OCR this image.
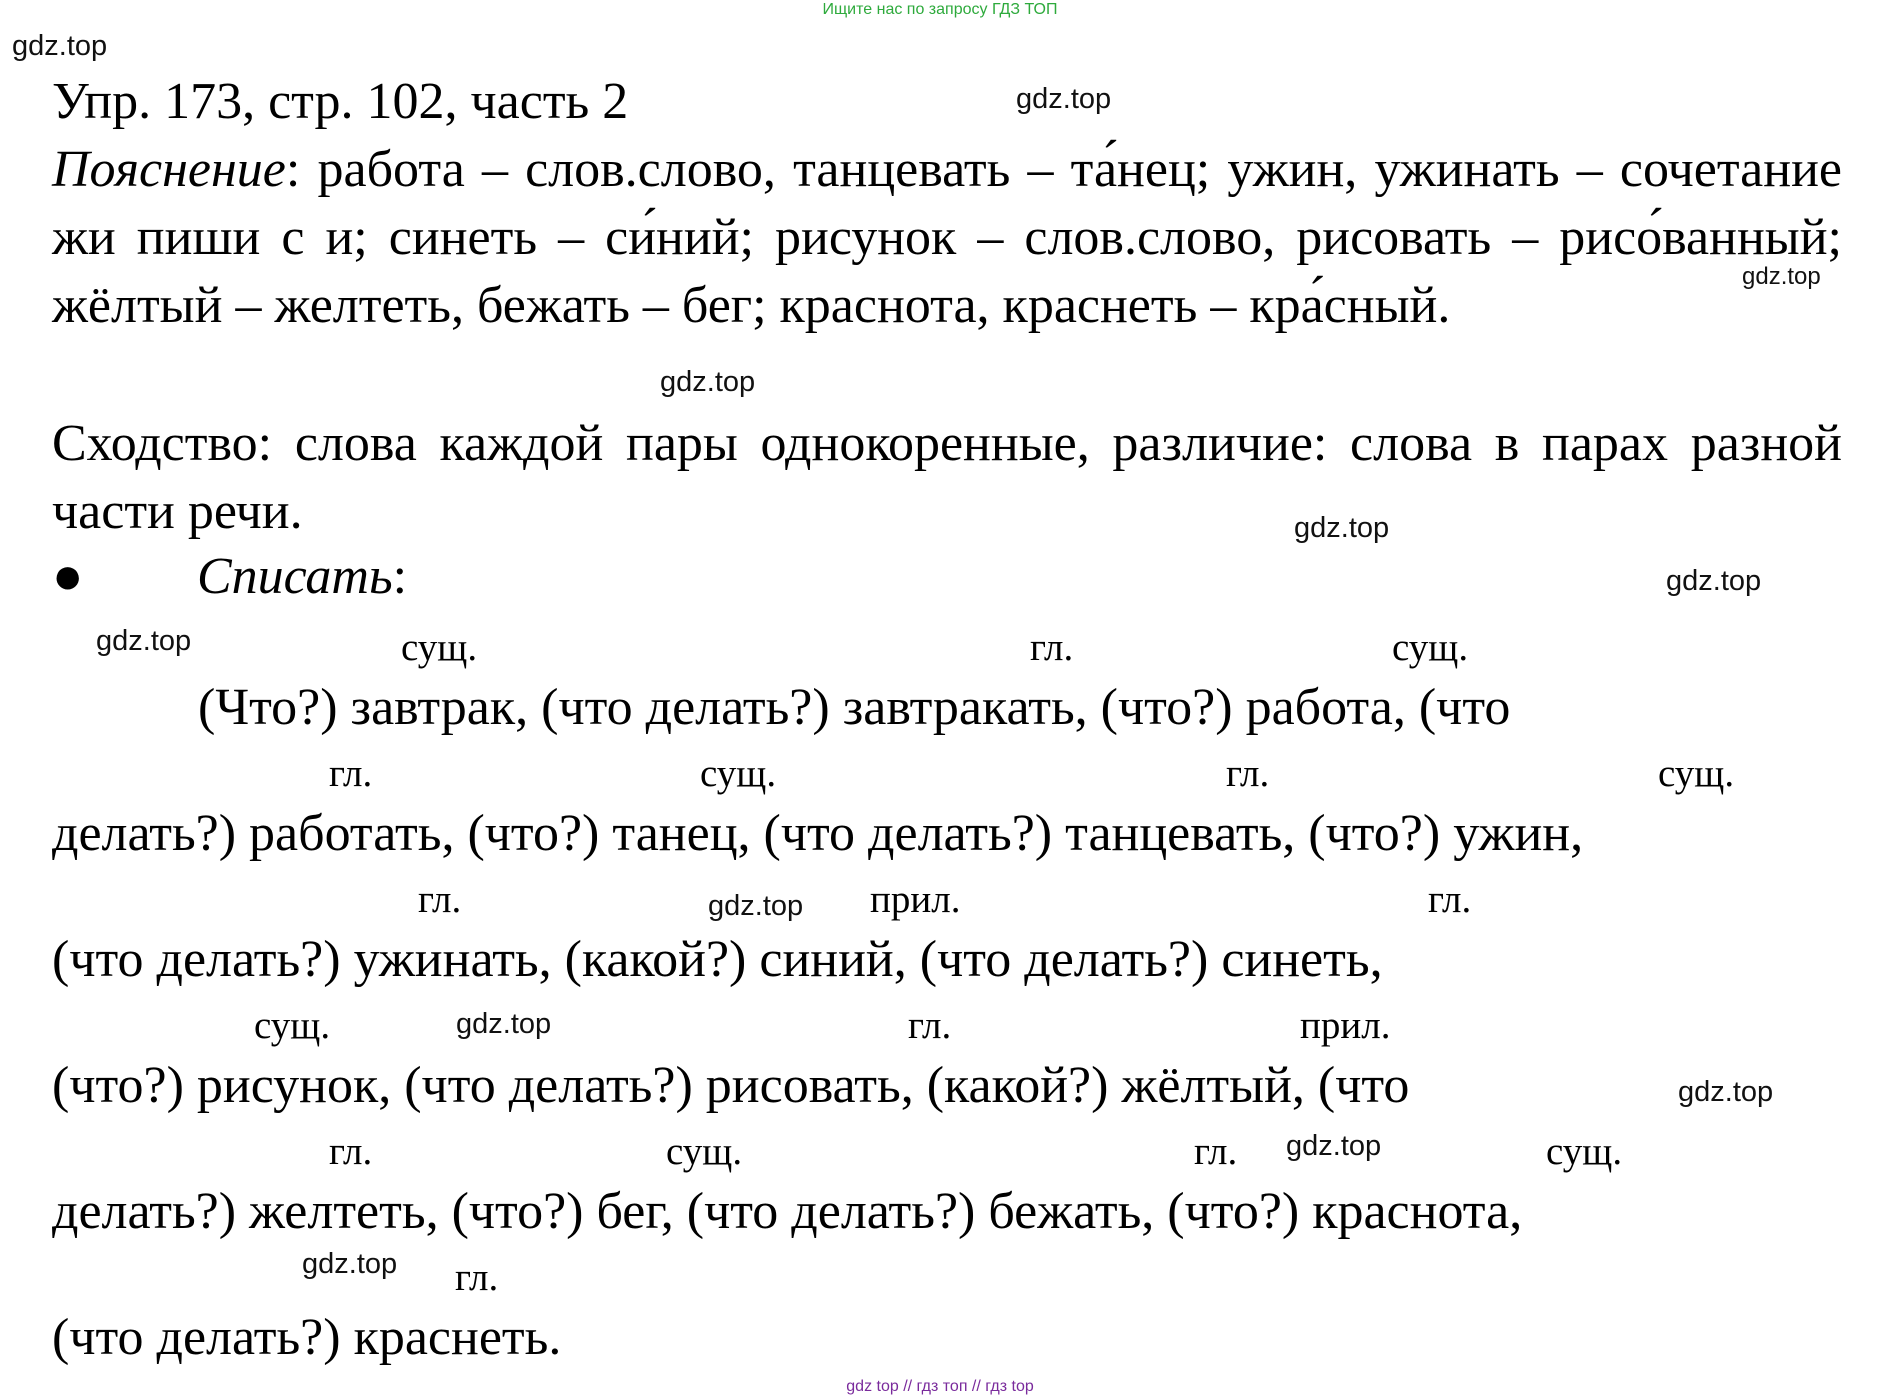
Ищите нас по запросу ГДЗ ТОП
gdz.top
gdz.top
gdz.top
gdz.top
gdz.top
gdz.top
gdz.top
gdz.top
gdz.top
gdz.top
gdz.top
gdz.top
Упр. 173, стр. 102, часть 2
Пояснение: работа – слов.слово, танцевать – та́нец; ужин, ужинать – сочетание жи пиши с и; синеть – си́ний; рисунок – слов.слово, рисовать – рисо́ванный; жёлтый – желтеть, бежать – бег; краснота, краснеть – кра́сный.
Сходство: слова каждой пары однокоренные, различие: слова в парах разной части речи.
● Списать:
сущ.	гл.	сущ.
(Что?) завтрак, (что делать?) завтракать, (что?) работа, (что
гл.	сущ.	гл.	сущ.
делать?) работать, (что?) танец, (что делать?) танцевать, (что?) ужин,
гл.	прил.	гл.
(что делать?) ужинать, (какой?) синий, (что делать?) синеть,
сущ.	гл.	прил.
(что?) рисунок, (что делать?) рисовать, (какой?) жёлтый, (что
гл.	сущ.	гл.	сущ.
делать?) желтеть, (что?) бег, (что делать?) бежать, (что?) краснота,
гл.
(что делать?) краснеть.
gdz top // гдз топ // гдз top
